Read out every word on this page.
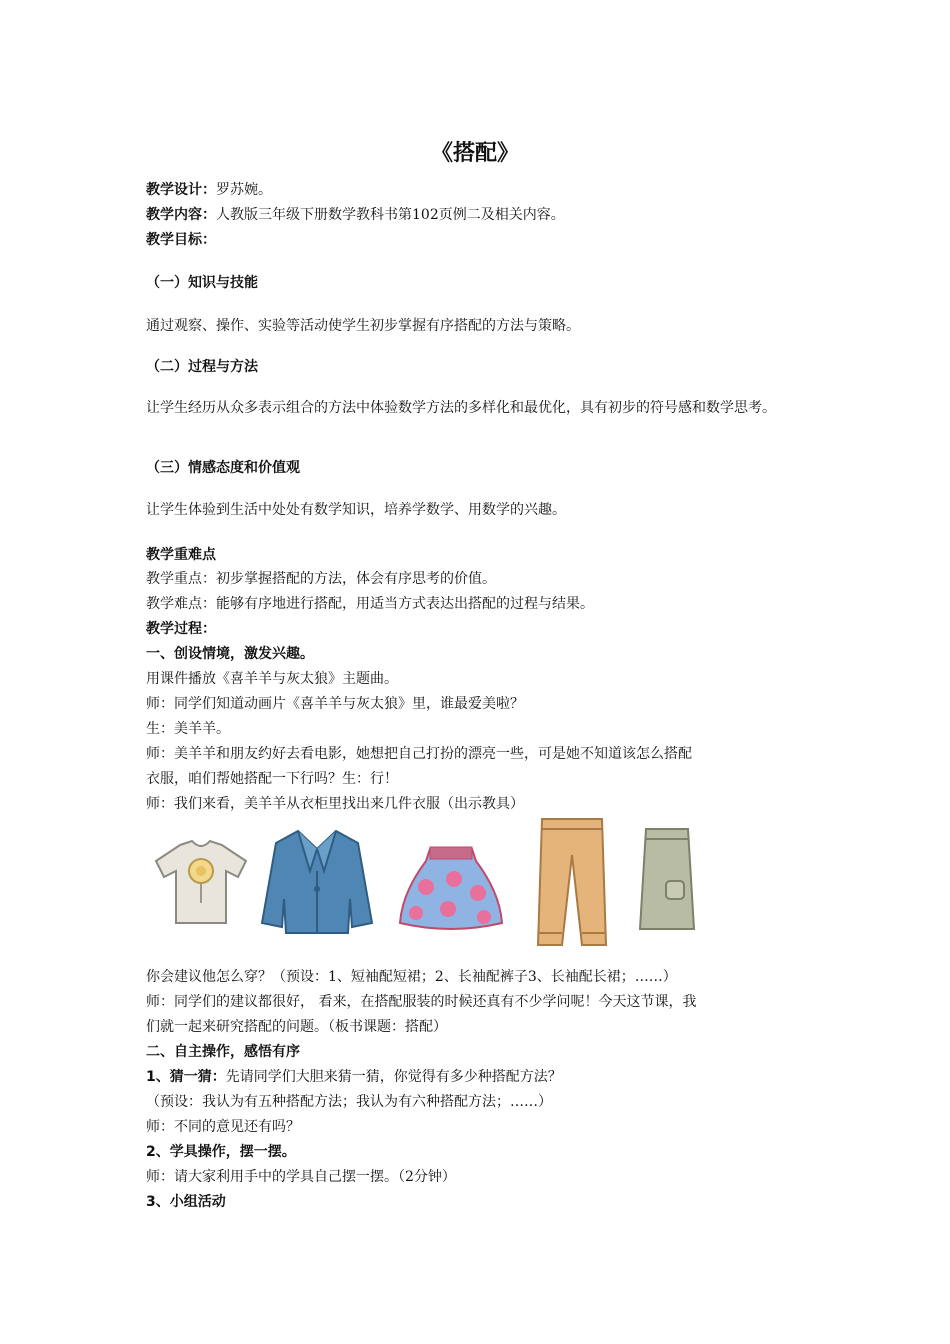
《搭配》
教学设计：罗苏婉。
教学内容：人教版三年级下册数学教科书第102页例二及相关内容。
教学目标：
（一）知识与技能
通过观察、操作、实验等活动使学生初步掌握有序搭配的方法与策略。
（二）过程与方法
让学生经历从众多表示组合的方法中体验数学方法的多样化和最优化，具有初步的符号感和数学思考。
（三）情感态度和价值观
让学生体验到生活中处处有数学知识，培养学数学、用数学的兴趣。
教学重难点
教学重点：初步掌握搭配的方法，体会有序思考的价值。
教学难点：能够有序地进行搭配，用适当方式表达出搭配的过程与结果。
教学过程：
一、创设情境，激发兴趣。
用课件播放《喜羊羊与灰太狼》主题曲。
师：同学们知道动画片《喜羊羊与灰太狼》里，谁最爱美啦？
生：美羊羊。
师：美羊羊和朋友约好去看电影，她想把自己打扮的漂亮一些，可是她不知道该怎么搭配
衣服，咱们帮她搭配一下行吗？生：行！
师：我们来看，美羊羊从衣柜里找出来几件衣服（出示教具）
你会建议他怎么穿？（预设：1、短袖配短裙；2、长袖配裤子3、长袖配长裙；……）
师：同学们的建议都很好， 看来，在搭配服装的时候还真有不少学问呢！今天这节课，我
们就一起来研究搭配的问题。（板书课题：搭配）
二、自主操作，感悟有序
1、猜一猜：先请同学们大胆来猜一猜，你觉得有多少种搭配方法？
（预设：我认为有五种搭配方法；我认为有六种搭配方法；……）
师：不同的意见还有吗？
2、学具操作，摆一摆。
师：请大家利用手中的学具自己摆一摆。（2分钟）
3、小组活动
